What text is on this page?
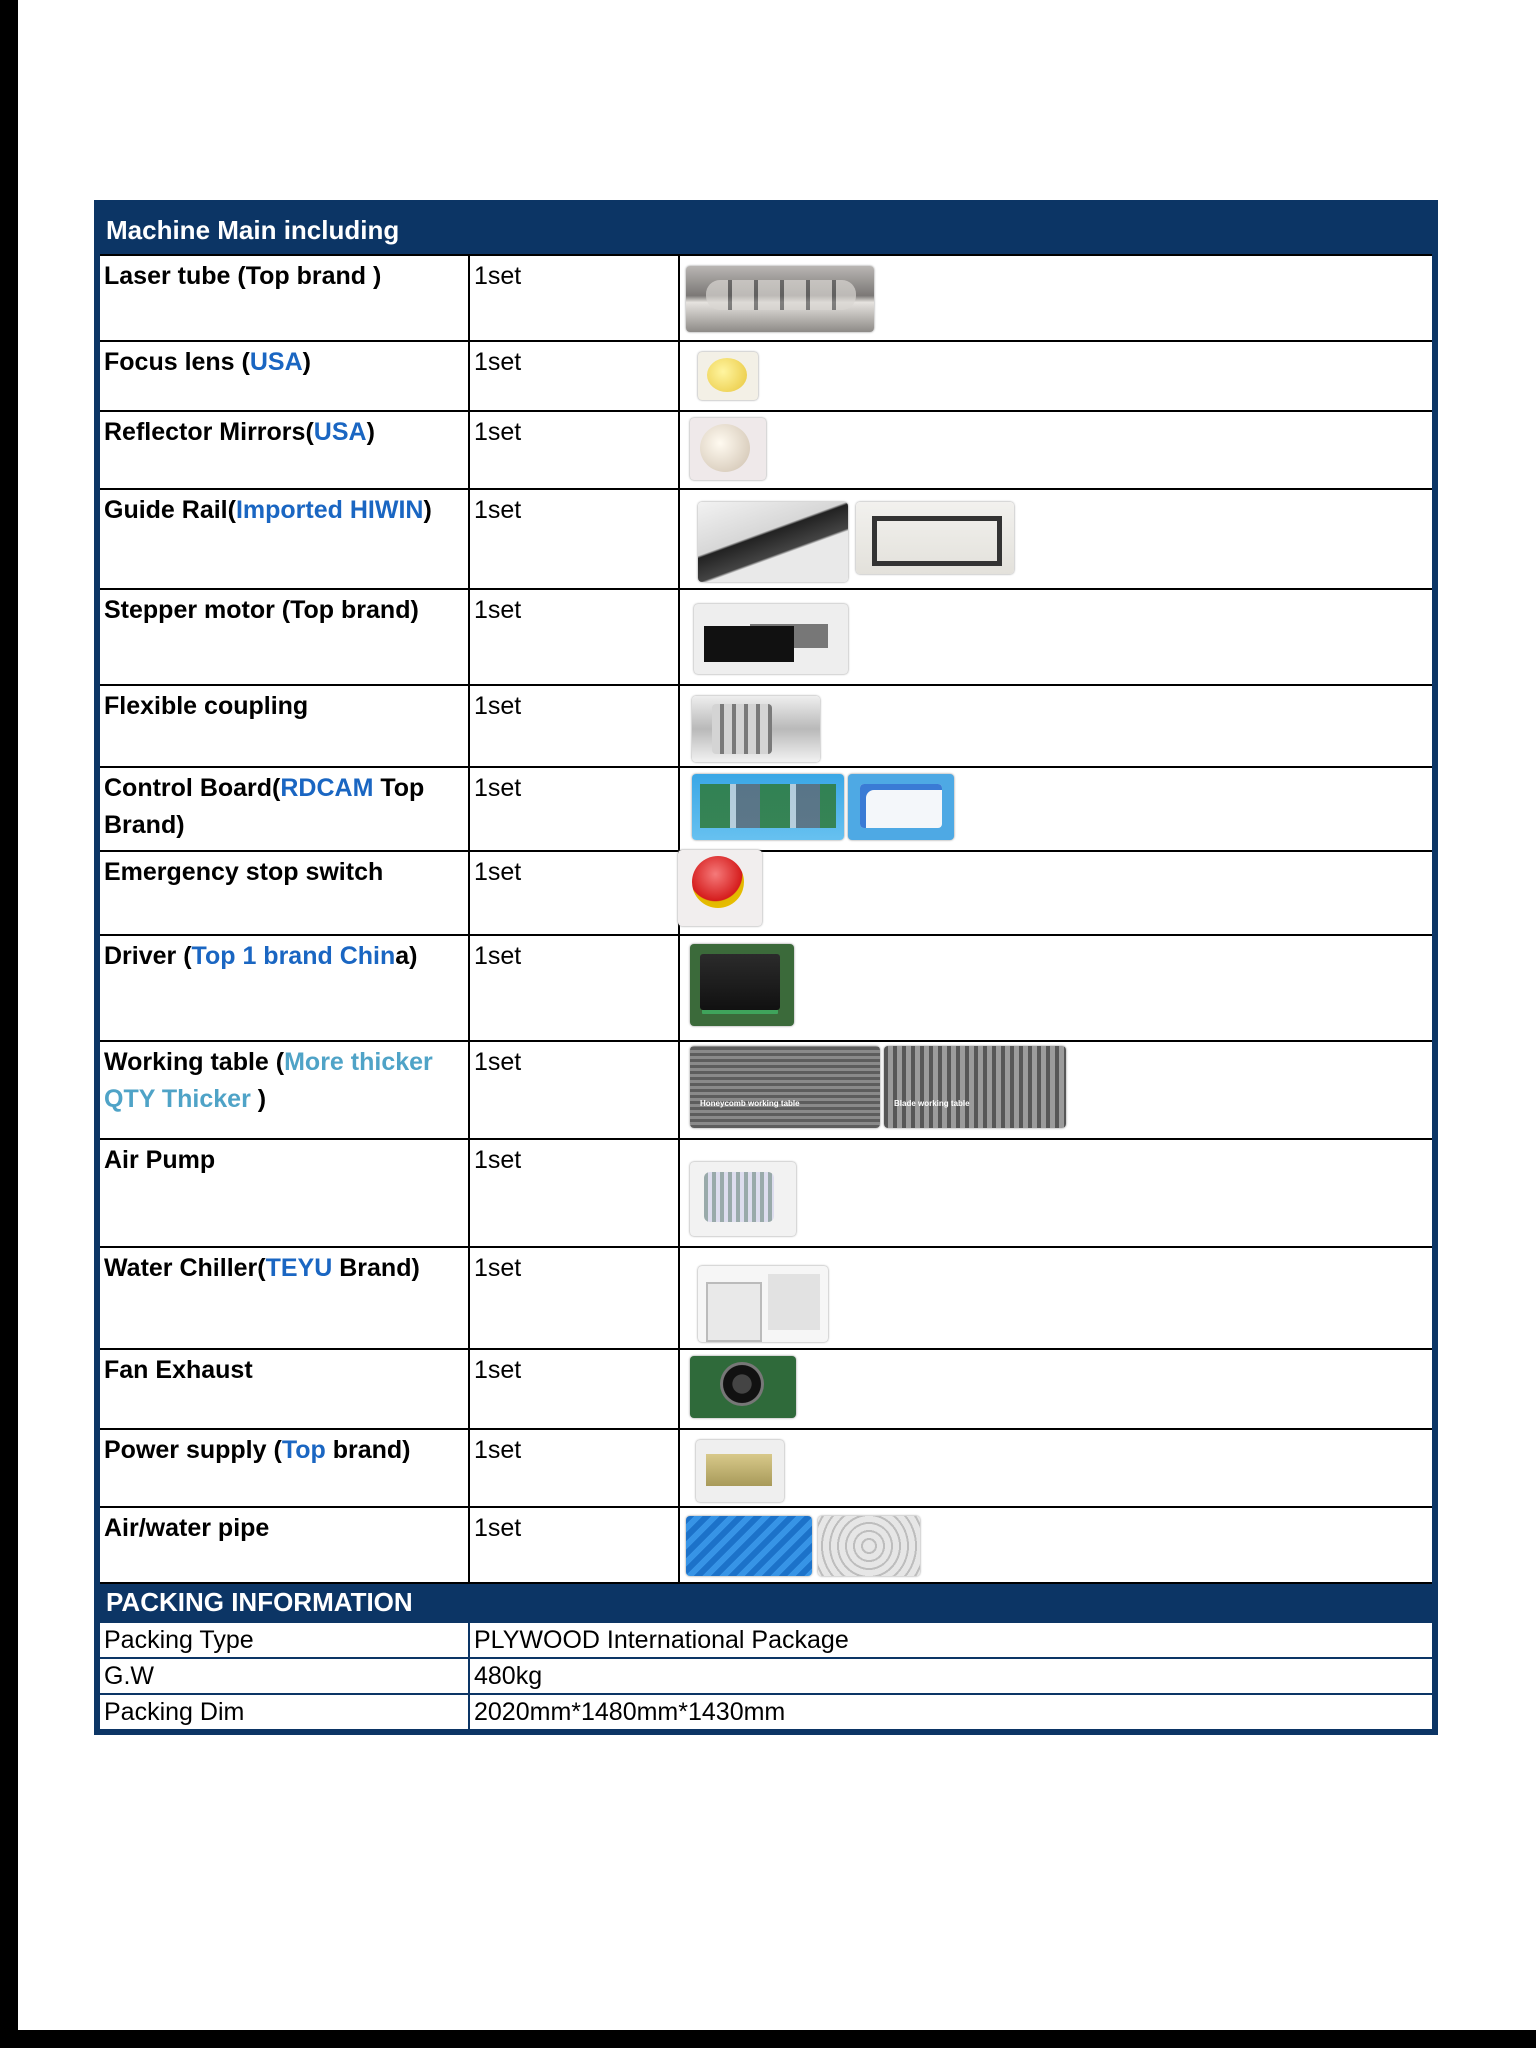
Machine Main including		
Laser tube (Top brand )	1set	

Focus lens (USA)	1set	

Reflector Mirrors(USA)	1set	

Guide Rail(Imported HIWIN)	1set	

Stepper motor (Top brand)	1set	

Flexible coupling	1set	

Control Board(RDCAM Top Brand)	1set	

Emergency stop switch	1set	

Driver (Top 1 brand China)	1set	

Working table (More thicker QTY Thicker )	1set	Honeycomb working table Blade working table

Air Pump	1set	

Water Chiller(TEYU Brand)	1set	

Fan Exhaust	1set	

Power supply (Top brand)	1set	

Air/water pipe	1set	

PACKING INFORMATION		
Packing Type	PLYWOOD International Package	
G.W	480kg	
Packing Dim	2020mm*1480mm*1430mm	
